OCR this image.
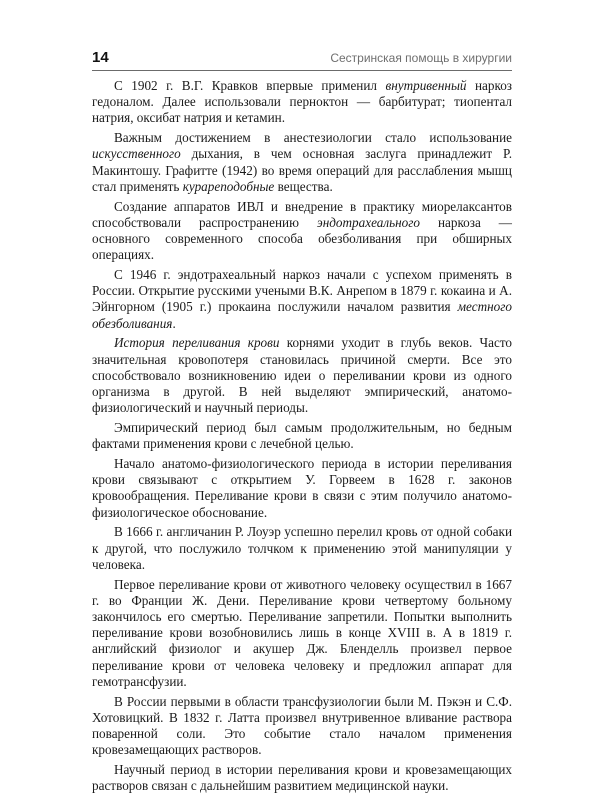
14	Сестринская помощь в хирургии

С 1902 г. В.Г. Кравков впервые применил внутривенный наркоз гедоналом. Далее использовали перноктон — барбитурат; тиопентал натрия, оксибат натрия и кетамин.

Важным достижением в анестезиологии стало использование искусственного дыхания, в чем основная заслуга принадлежит Р. Макинтошу. Графитте (1942) во время операций для расслабления мышц стал применять курареподобные вещества.

Создание аппаратов ИВЛ и внедрение в практику миорелаксантов способствовали распространению эндотрахеального наркоза — основного современного способа обезболивания при обширных операциях.

С 1946 г. эндотрахеальный наркоз начали с успехом применять в России. Открытие русскими учеными В.К. Анрепом в 1879 г. кокаина и А. Эйнгорном (1905 г.) прокаина послужили началом развития местного обезболивания.

История переливания крови корнями уходит в глубь веков. Часто значительная кровопотеря становилась причиной смерти. Все это способствовало возникновению идеи о переливании крови из одного организма в другой. В ней выделяют эмпирический, анатомо-физиологический и научный периоды.

Эмпирический период был самым продолжительным, но бедным фактами применения крови с лечебной целью.

Начало анатомо-физиологического периода в истории переливания крови связывают с открытием У. Горвеем в 1628 г. законов кровообращения. Переливание крови в связи с этим получило анатомо-физиологическое обоснование.

В 1666 г. англичанин Р. Лоуэр успешно перелил кровь от одной собаки к другой, что послужило толчком к применению этой манипуляции у человека.

Первое переливание крови от животного человеку осуществил в 1667 г. во Франции Ж. Дени. Переливание крови четвертому больному закончилось его смертью. Переливание запретили. Попытки выполнить переливание крови возобновились лишь в конце XVIII в. А в 1819 г. английский физиолог и акушер Дж. Бленделль произвел первое переливание крови от человека человеку и предложил аппарат для гемотрансфузии.

В России первыми в области трансфузиологии были М. Пэкэн и С.Ф. Хотовицкий. В 1832 г. Латта произвел внутривенное вливание раствора поваренной соли. Это событие стало началом применения кровезамещающих растворов.

Научный период в истории переливания крови и кровезамещающих растворов связан с дальнейшим развитием медицинской науки.
